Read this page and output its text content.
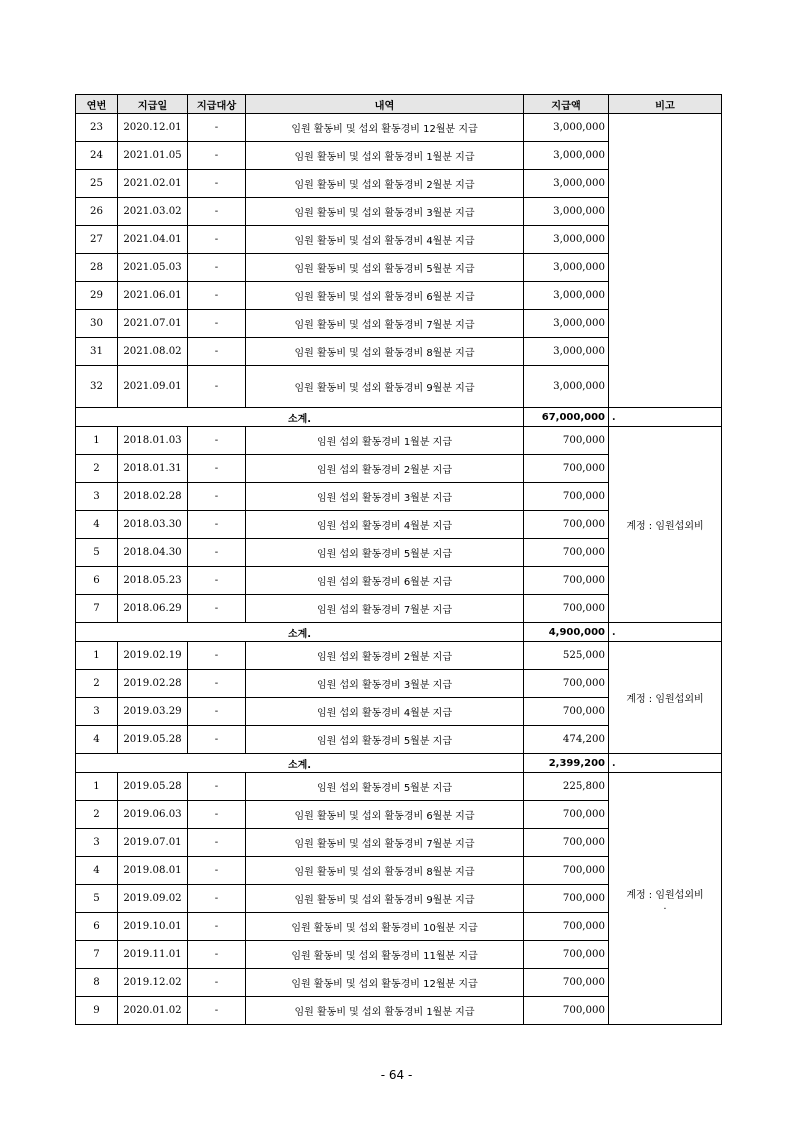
연번	지급일	지급대상	내역	지급액	비고
23	2020.12.01	-	임원 활동비 및 섭외 활동경비 12월분 지급	3,000,000	

24	2021.01.05	-	임원 활동비 및 섭외 활동경비 1월분 지급	3,000,000	
25	2021.02.01	-	임원 활동비 및 섭외 활동경비 2월분 지급	3,000,000	
26	2021.03.02	-	임원 활동비 및 섭외 활동경비 3월분 지급	3,000,000	
27	2021.04.01	-	임원 활동비 및 섭외 활동경비 4월분 지급	3,000,000	
28	2021.05.03	-	임원 활동비 및 섭외 활동경비 5월분 지급	3,000,000	
29	2021.06.01	-	임원 활동비 및 섭외 활동경비 6월분 지급	3,000,000	
30	2021.07.01	-	임원 활동비 및 섭외 활동경비 7월분 지급	3,000,000	
31	2021.08.02	-	임원 활동비 및 섭외 활동경비 8월분 지급	3,000,000	
32	2021.09.01	-	임원 활동비 및 섭외 활동경비 9월분 지급	3,000,000	
소계.				67,000,000	.
1	2018.01.03	-	임원 섭외 활동경비 1월분 지급	700,000	계정 : 임원섭외비

2	2018.01.31	-	임원 섭외 활동경비 2월분 지급	700,000	
3	2018.02.28	-	임원 섭외 활동경비 3월분 지급	700,000	
4	2018.03.30	-	임원 섭외 활동경비 4월분 지급	700,000	
5	2018.04.30	-	임원 섭외 활동경비 5월분 지급	700,000	
6	2018.05.23	-	임원 섭외 활동경비 6월분 지급	700,000	
7	2018.06.29	-	임원 섭외 활동경비 7월분 지급	700,000	
소계.				4,900,000	.
1	2019.02.19	-	임원 섭외 활동경비 2월분 지급	525,000	계정 : 임원섭외비

2	2019.02.28	-	임원 섭외 활동경비 3월분 지급	700,000	
3	2019.03.29	-	임원 섭외 활동경비 4월분 지급	700,000	
4	2019.05.28	-	임원 섭외 활동경비 5월분 지급	474,200	
소계.				2,399,200	.
1	2019.05.28	-	임원 섭외 활동경비 5월분 지급	225,800	계정 : 임원섭외비
.

2	2019.06.03	-	임원 활동비 및 섭외 활동경비 6월분 지급	700,000	
3	2019.07.01	-	임원 활동비 및 섭외 활동경비 7월분 지급	700,000	
4	2019.08.01	-	임원 활동비 및 섭외 활동경비 8월분 지급	700,000	
5	2019.09.02	-	임원 활동비 및 섭외 활동경비 9월분 지급	700,000	
6	2019.10.01	-	임원 활동비 및 섭외 활동경비 10월분 지급	700,000	
7	2019.11.01	-	임원 활동비 및 섭외 활동경비 11월분 지급	700,000	
8	2019.12.02	-	임원 활동비 및 섭외 활동경비 12월분 지급	700,000	
9	2020.01.02	-	임원 활동비 및 섭외 활동경비 1월분 지급	700,000	
- 64 -
